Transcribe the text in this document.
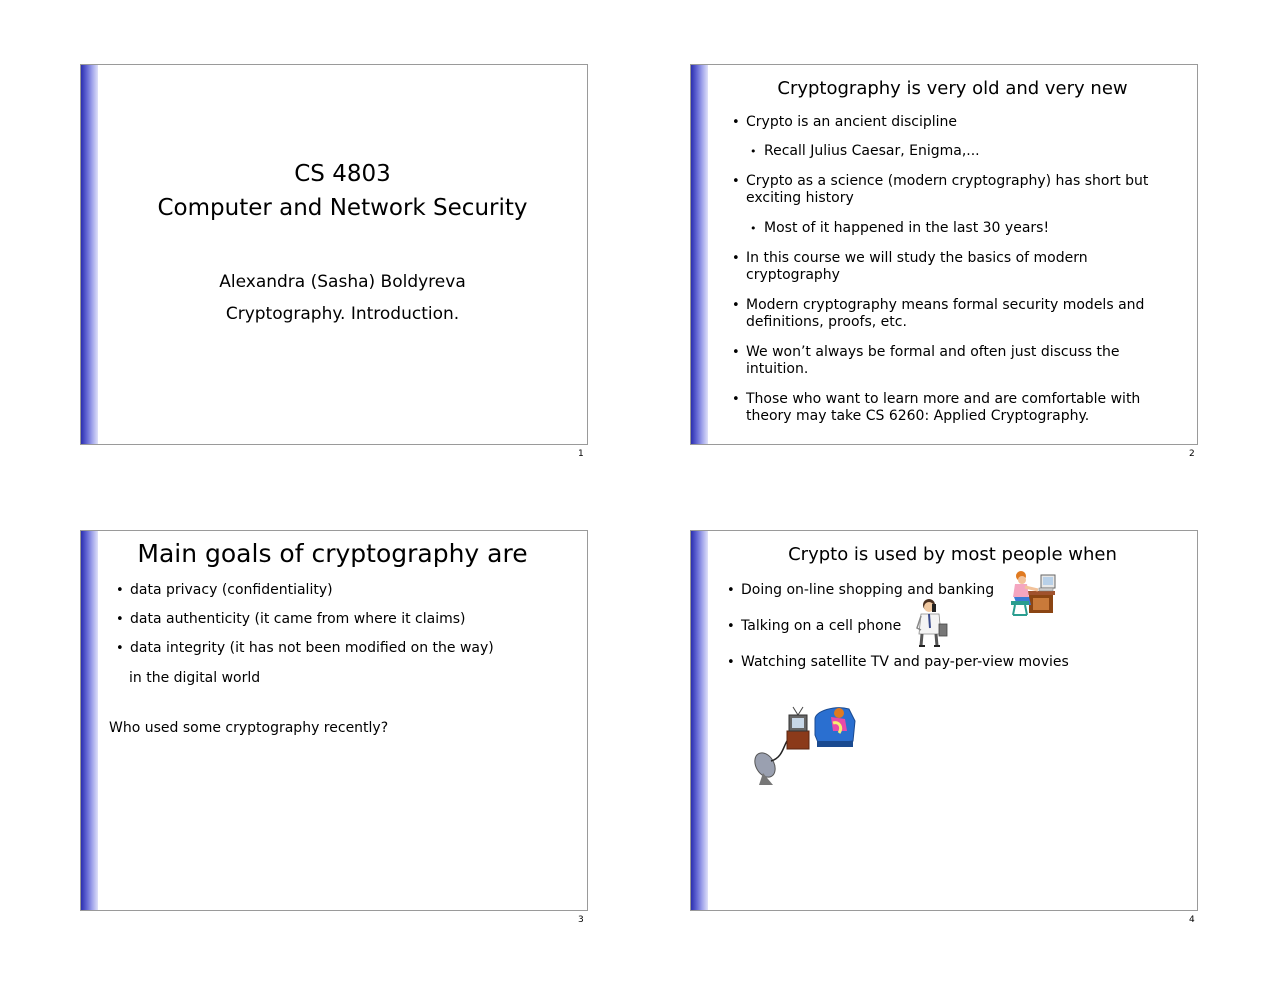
CS 4803
Computer and Network Security
Alexandra (Sasha) Boldyreva
Cryptography. Introduction.
1
Cryptography is very old and very new
• Crypto is an ancient discipline
• Recall Julius Caesar, Enigma,...
• Crypto as a science (modern cryptography) has short but exciting history
• Most of it happened in the last 30 years!
• In this course we will study the basics of modern cryptography
• Modern cryptography means formal security models and definitions, proofs, etc.
• We won’t always be formal and often just discuss the intuition.
• Those who want to learn more and are comfortable with theory may take CS 6260: Applied Cryptography.
2
Main goals of cryptography are
• data privacy (confidentiality)
• data authenticity (it came from where it claims)
• data integrity (it has not been modified on the way)
in the digital world
Who used some cryptography recently?
3
Crypto is used by most people when
• Doing on-line shopping and banking
• Talking on a cell phone
• Watching satellite TV and pay-per-view movies
4
